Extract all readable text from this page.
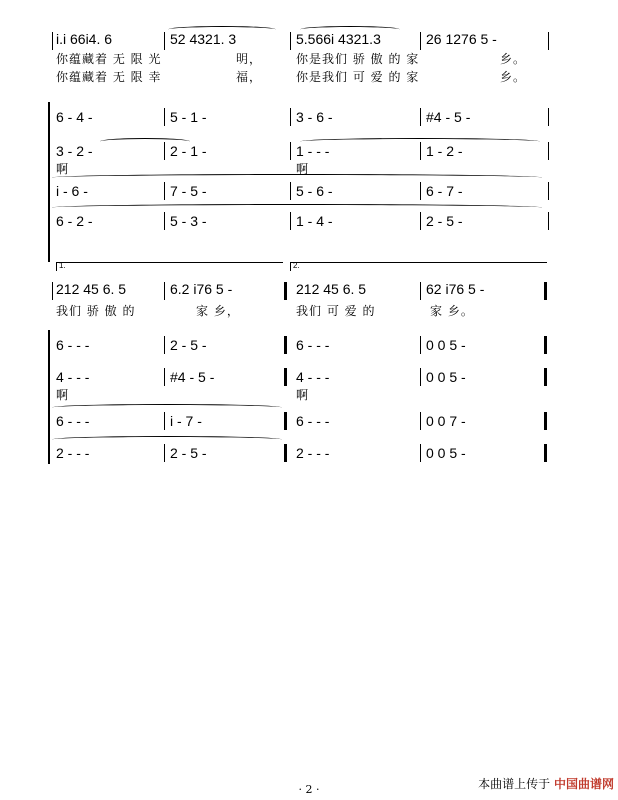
i.i 66i4. 6	52 4321. 3	5.566i 4321.3	26 1276 5 -
你蕴藏着 无 限 光	明，	你是我们 骄 傲 的 家	乡。
你蕴藏着 无 限 幸	福，	你是我们 可 爱 的 家	乡。
6 - 4 -	5 - 1 -	3 - 6 -	#4 - 5 -
3 - 2 -	2 - 1 -	1 - - -	1 - 2 -
啊	啊
i - 6 -	7 - 5 -	5 - 6 -	6 - 7 -
6 - 2 -	5 - 3 -	1 - 4 -	2 - 5 -
1.	2.
212 45 6. 5	6.2 i76 5 -	212 45 6. 5	62 i76 5 -
我们 骄 傲 的	家 乡，	我们 可 爱 的	家 乡。
6 - - -	2 - 5 -	6 - - -	0 0 5 -
4 - - -	#4 - 5 -	4 - - -	0 0 5 -
啊	啊
6 - - -	i - 7 -	6 - - -	0 0 7 -
2 - - -	2 - 5 -	2 - - -	0 0 5 -
本曲谱上传于 中国曲谱网
· 2 ·
